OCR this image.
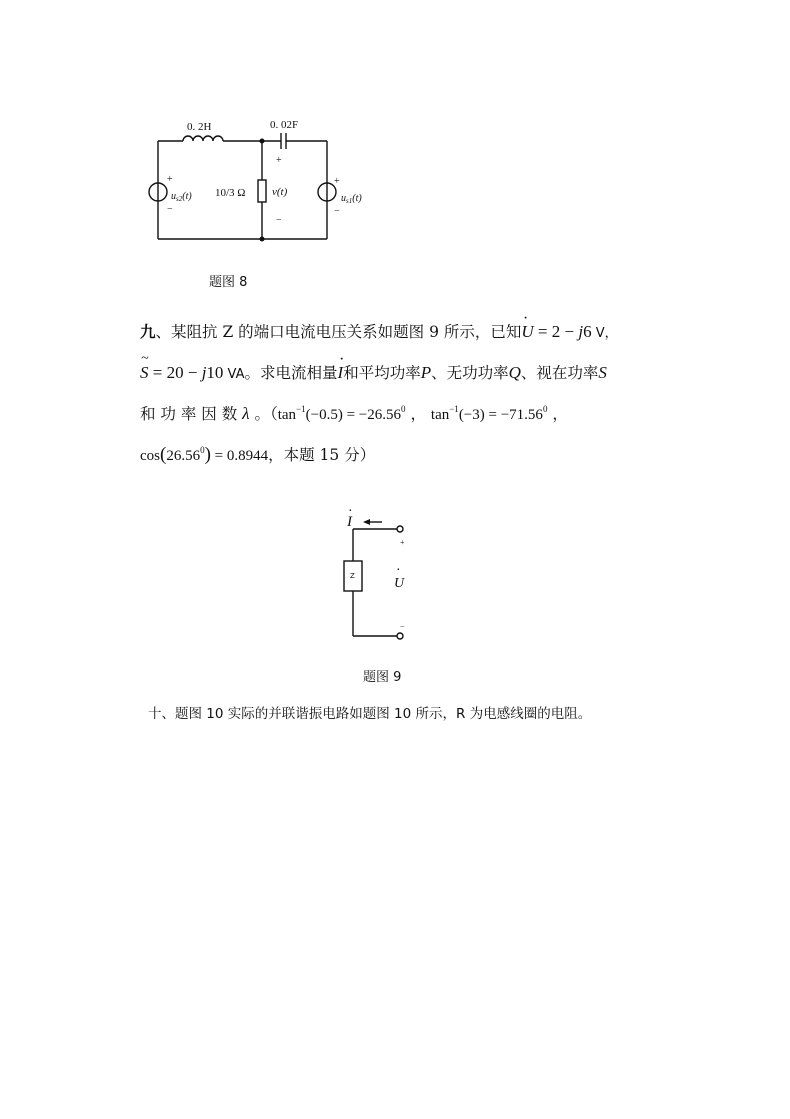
0. 2H	0. 02F
+
−
$u_{s2}(t)$ 10/3 Ω
+
v(t)
−
+
−
$u_{s1}(t)$
题图 8
九、某阻抗 Z 的端口电流电压关系如题图 9 所示，已知U · = 2 − j6 V，
S ~ = 20 − j10 VA。求电流相量I ·和平均功率P、无功功率Q、视在功率S
和 功 率 因 数 λ 。（$\tan^{-1}(-0.5) = -26.56^0$ ， $\tan^{-1}(-3) = -71.56^0$ ，
$\cos(26.56^0) = 0.8944$，本题 15 分）
I
·
Z
+
U
·
−
题图 9
十、题图 10 实际的并联谐振电路如题图 10 所示，R 为电感线圈的电阻。
